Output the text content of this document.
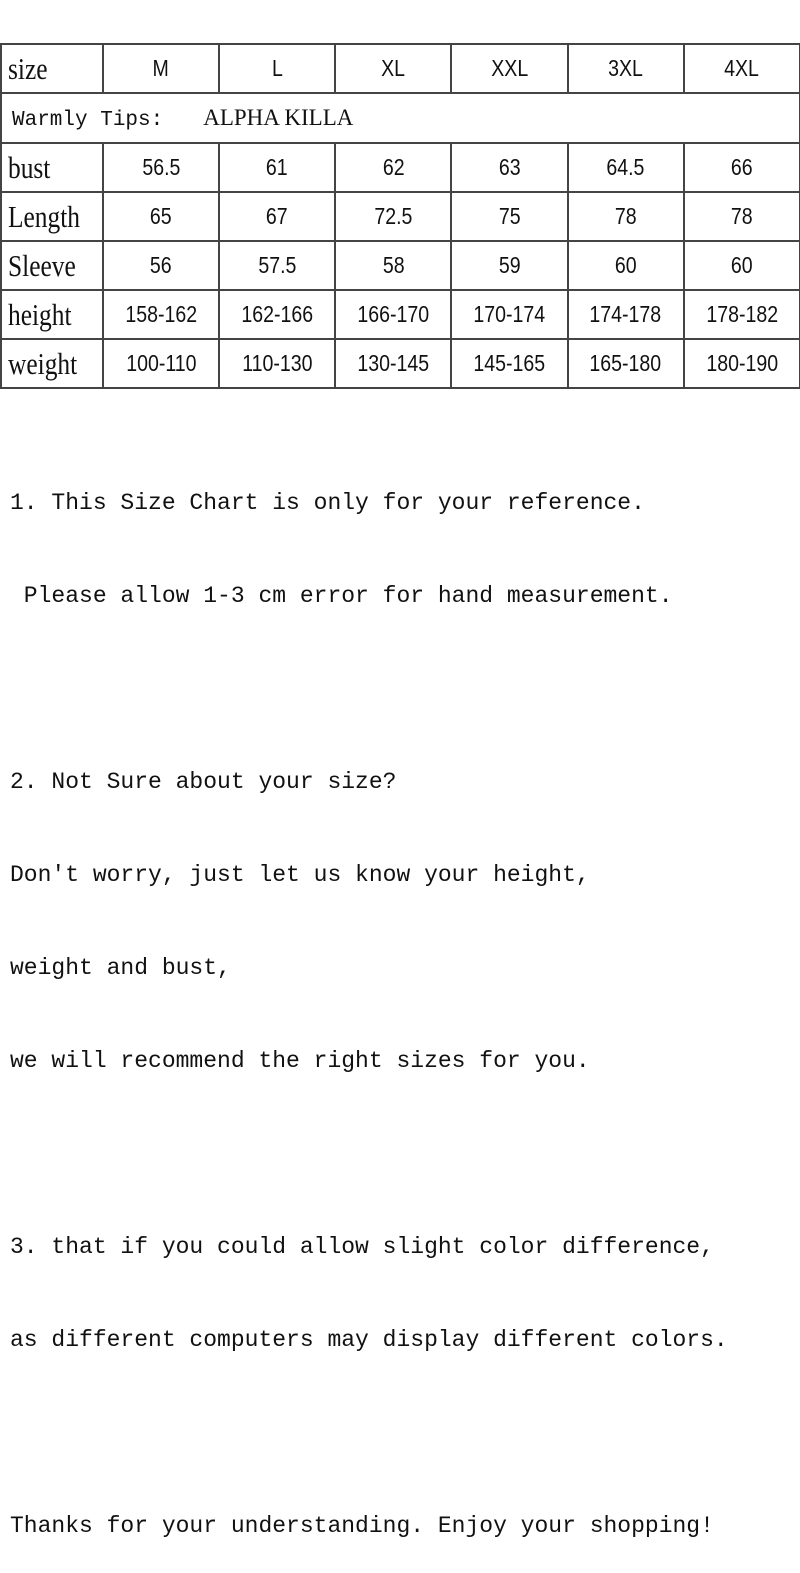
size	M	L	XL	XXL	3XL	4XL
Warmly Tips: ALPHA KILLA						
bust	56.5	61	62	63	64.5	66
Length	65	67	72.5	75	78	78
Sleeve	56	57.5	58	59	60	60
height	158-162	162-166	166-170	170-174	174-178	178-182
weight	100-110	110-130	130-145	145-165	165-180	180-190

1. This Size Chart is only for your reference.

Please allow 1-3 cm error for hand measurement.

2. Not Sure about your size?

Don't worry, just let us know your height,

weight and bust,

we will recommend the right sizes for you.

3. that if you could allow slight color difference,

as different computers may display different colors.

Thanks for your understanding. Enjoy your shopping!
